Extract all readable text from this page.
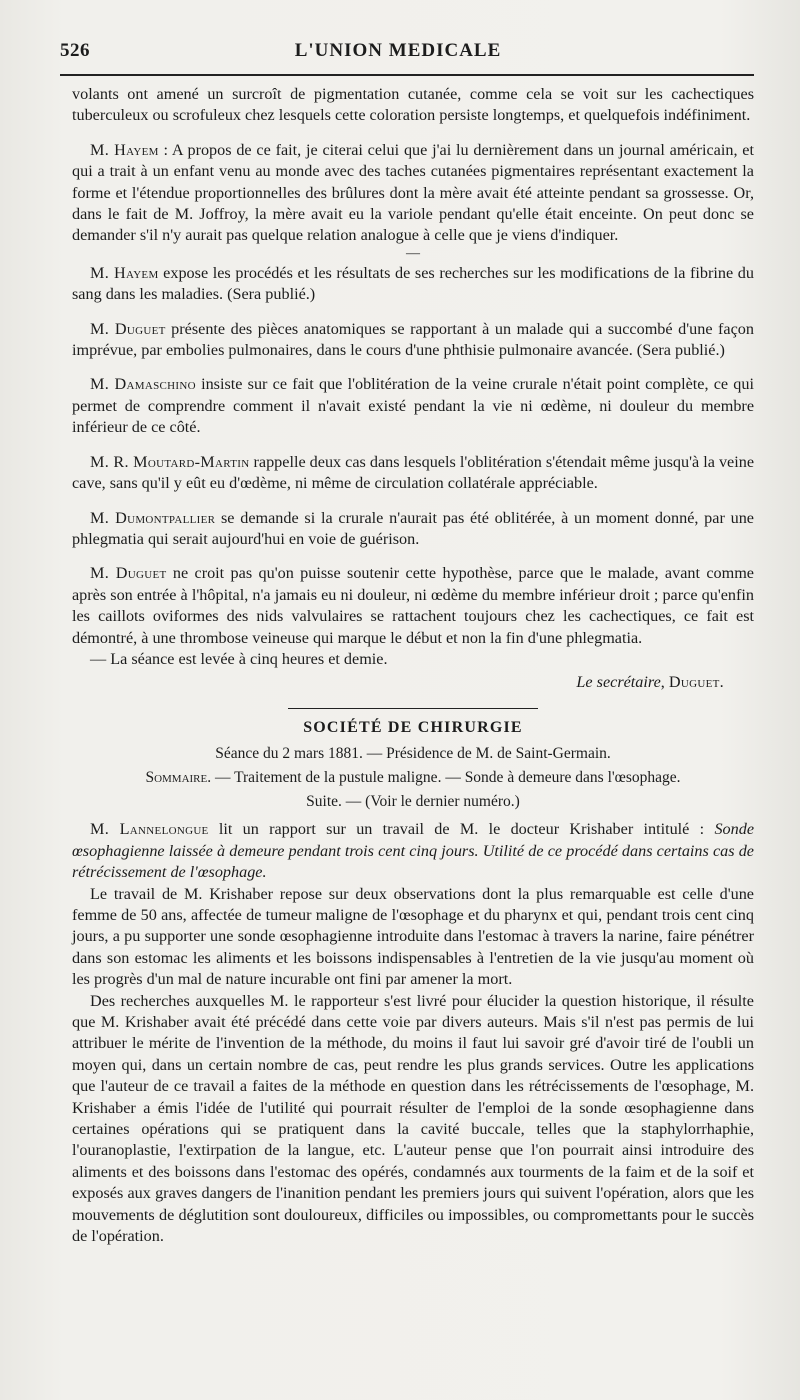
526	L'UNION MEDICALE

volants ont amené un surcroît de pigmentation cutanée, comme cela se voit sur les cachectiques tuberculeux ou scrofuleux chez lesquels cette coloration persiste longtemps, et quelquefois indéfiniment.

M. Hayem : A propos de ce fait, je citerai celui que j'ai lu dernièrement dans un journal américain, et qui a trait à un enfant venu au monde avec des taches cutanées pigmentaires représentant exactement la forme et l'étendue proportionnelles des brûlures dont la mère avait été atteinte pendant sa grossesse. Or, dans le fait de M. Joffroy, la mère avait eu la variole pendant qu'elle était enceinte. On peut donc se demander s'il n'y aurait pas quelque relation analogue à celle que je viens d'indiquer.

—

M. Hayem expose les procédés et les résultats de ses recherches sur les modifications de la fibrine du sang dans les maladies. (Sera publié.)

M. Duguet présente des pièces anatomiques se rapportant à un malade qui a succombé d'une façon imprévue, par embolies pulmonaires, dans le cours d'une phthisie pulmonaire avancée. (Sera publié.)

M. Damaschino insiste sur ce fait que l'oblitération de la veine crurale n'était point complète, ce qui permet de comprendre comment il n'avait existé pendant la vie ni œdème, ni douleur du membre inférieur de ce côté.

M. R. Moutard-Martin rappelle deux cas dans lesquels l'oblitération s'étendait même jusqu'à la veine cave, sans qu'il y eût eu d'œdème, ni même de circulation collatérale appréciable.

M. Dumontpallier se demande si la crurale n'aurait pas été oblitérée, à un moment donné, par une phlegmatia qui serait aujourd'hui en voie de guérison.

M. Duguet ne croit pas qu'on puisse soutenir cette hypothèse, parce que le malade, avant comme après son entrée à l'hôpital, n'a jamais eu ni douleur, ni œdème du membre inférieur droit ; parce qu'enfin les caillots oviformes des nids valvulaires se rattachent toujours chez les cachectiques, ce fait est démontré, à une thrombose veineuse qui marque le début et non la fin d'une phlegmatia.

— La séance est levée à cinq heures et demie.

Le secrétaire, Duguet.
SOCIÉTÉ DE CHIRURGIE
Séance du 2 mars 1881. — Présidence de M. de Saint-Germain.
Sommaire. — Traitement de la pustule maligne. — Sonde à demeure dans l'œsophage.
Suite. — (Voir le dernier numéro.)

M. Lannelongue lit un rapport sur un travail de M. le docteur Krishaber intitulé : Sonde œsophagienne laissée à demeure pendant trois cent cinq jours. Utilité de ce procédé dans certains cas de rétrécissement de l'œsophage.

Le travail de M. Krishaber repose sur deux observations dont la plus remarquable est celle d'une femme de 50 ans, affectée de tumeur maligne de l'œsophage et du pharynx et qui, pendant trois cent cinq jours, a pu supporter une sonde œsophagienne introduite dans l'estomac à travers la narine, faire pénétrer dans son estomac les aliments et les boissons indispensables à l'entretien de la vie jusqu'au moment où les progrès d'un mal de nature incurable ont fini par amener la mort.

Des recherches auxquelles M. le rapporteur s'est livré pour élucider la question historique, il résulte que M. Krishaber avait été précédé dans cette voie par divers auteurs. Mais s'il n'est pas permis de lui attribuer le mérite de l'invention de la méthode, du moins il faut lui savoir gré d'avoir tiré de l'oubli un moyen qui, dans un certain nombre de cas, peut rendre les plus grands services. Outre les applications que l'auteur de ce travail a faites de la méthode en question dans les rétrécissements de l'œsophage, M. Krishaber a émis l'idée de l'utilité qui pourrait résulter de l'emploi de la sonde œsophagienne dans certaines opérations qui se pratiquent dans la cavité buccale, telles que la staphylorrhaphie, l'ouranoplastie, l'extirpation de la langue, etc. L'auteur pense que l'on pourrait ainsi introduire des aliments et des boissons dans l'estomac des opérés, condamnés aux tourments de la faim et de la soif et exposés aux graves dangers de l'inanition pendant les premiers jours qui suivent l'opération, alors que les mouvements de déglutition sont douloureux, difficiles ou impossibles, ou compromettants pour le succès de l'opération.
